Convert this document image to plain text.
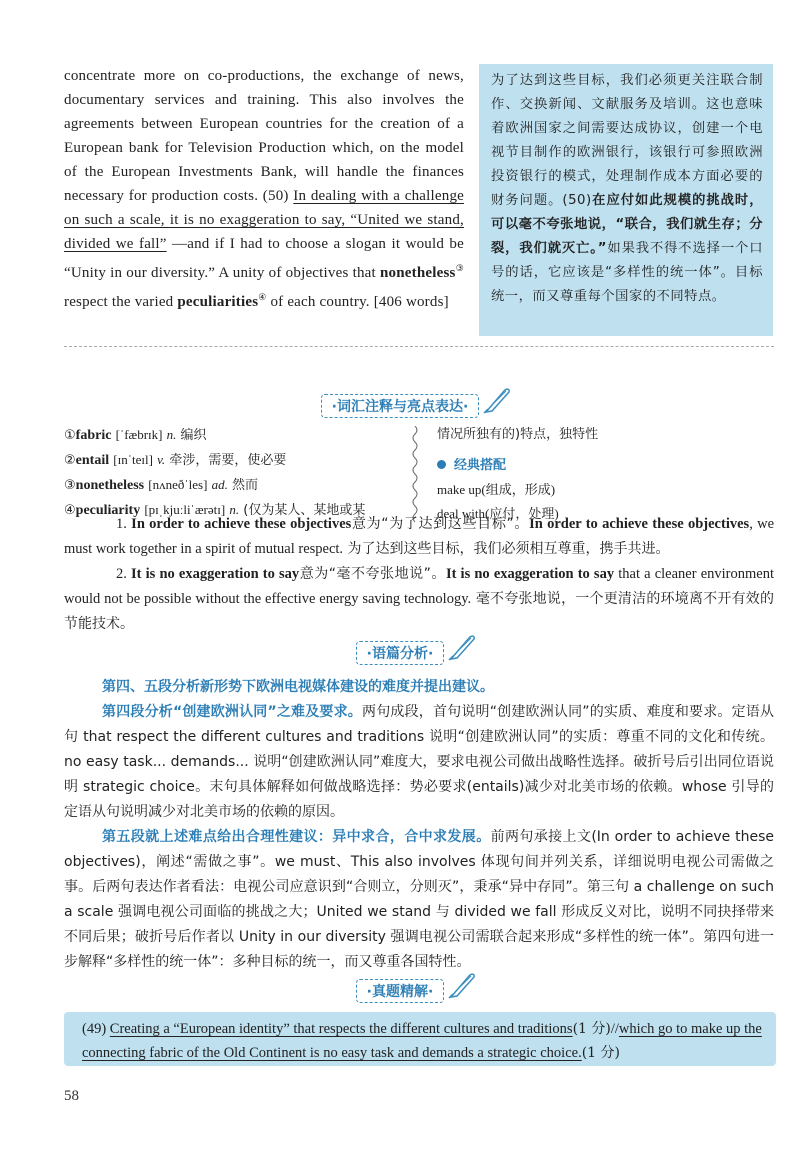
concentrate more on co-productions, the exchange of news, documentary services and training. This also involves the agreements between European countries for the creation of a European bank for Television Production which, on the model of the European Investments Bank, will handle the finances necessary for production costs. (50) In dealing with a challenge on such a scale, it is no exaggeration to say, “United we stand, divided we fall” —and if I had to choose a slogan it would be “Unity in our diversity.” A unity of objectives that nonetheless③ respect the varied peculiarities④ of each country. [406 words]
为了达到这些目标，我们必须更关注联合制作、交换新闻、文献服务及培训。这也意味着欧洲国家之间需要达成协议，创建一个电视节目制作的欧洲银行，该银行可参照欧洲投资银行的模式，处理制作成本方面必要的财务问题。(50)在应付如此规模的挑战时，可以毫不夸张地说，“联合，我们就生存；分裂，我们就灭亡。”如果我不得不选择一个口号的话，它应该是“多样性的统一体”。目标统一，而又尊重每个国家的不同特点。
·词汇注释与亮点表达·
①fabric [ˈfæbrɪk] n. 编织
②entail [ɪnˈteɪl] v. 牵涉，需要，使必要
③nonetheless [nʌneðˈles] ad. 然而
④peculiarity [pɪˌkjuːliˈærətɪ] n. (仅为某人、某地或某
情况所独有的)特点，独特性
经典搭配
make up(组成，形成)
deal with(应付，处理)
1. In order to achieve these objectives意为“为了达到这些目标”。In order to achieve these objectives, we must work together in a spirit of mutual respect. 为了达到这些目标，我们必须相互尊重，携手共进。
2. It is no exaggeration to say意为“毫不夸张地说”。It is no exaggeration to say that a cleaner environment would not be possible without the effective energy saving technology. 毫不夸张地说，一个更清洁的环境离不开有效的节能技术。
·语篇分析·
第四、五段分析新形势下欧洲电视媒体建设的难度并提出建议。
第四段分析“创建欧洲认同”之难及要求。两句成段，首句说明“创建欧洲认同”的实质、难度和要求。定语从句 that respect the different cultures and traditions 说明“创建欧洲认同”的实质：尊重不同的文化和传统。no easy task... demands... 说明“创建欧洲认同”难度大，要求电视公司做出战略性选择。破折号后引出同位语说明 strategic choice。末句具体解释如何做战略选择：势必要求(entails)减少对北美市场的依赖。whose 引导的定语从句说明减少对北美市场的依赖的原因。
第五段就上述难点给出合理性建议：异中求合，合中求发展。前两句承接上文(In order to achieve these objectives)，阐述“需做之事”。we must、This also involves 体现句间并列关系，详细说明电视公司需做之事。后两句表达作者看法：电视公司应意识到“合则立，分则灭”，秉承“异中存同”。第三句 a challenge on such a scale 强调电视公司面临的挑战之大；United we stand 与 divided we fall 形成反义对比，说明不同抉择带来不同后果；破折号后作者以 Unity in our diversity 强调电视公司需联合起来形成“多样性的统一体”。第四句进一步解释“多样性的统一体”：多种目标的统一，而又尊重各国特性。
·真题精解·
(49) Creating a “European identity” that respects the different cultures and traditions(1 分)//which go to make up the connecting fabric of the Old Continent is no easy task and demands a strategic choice.(1 分)
58
